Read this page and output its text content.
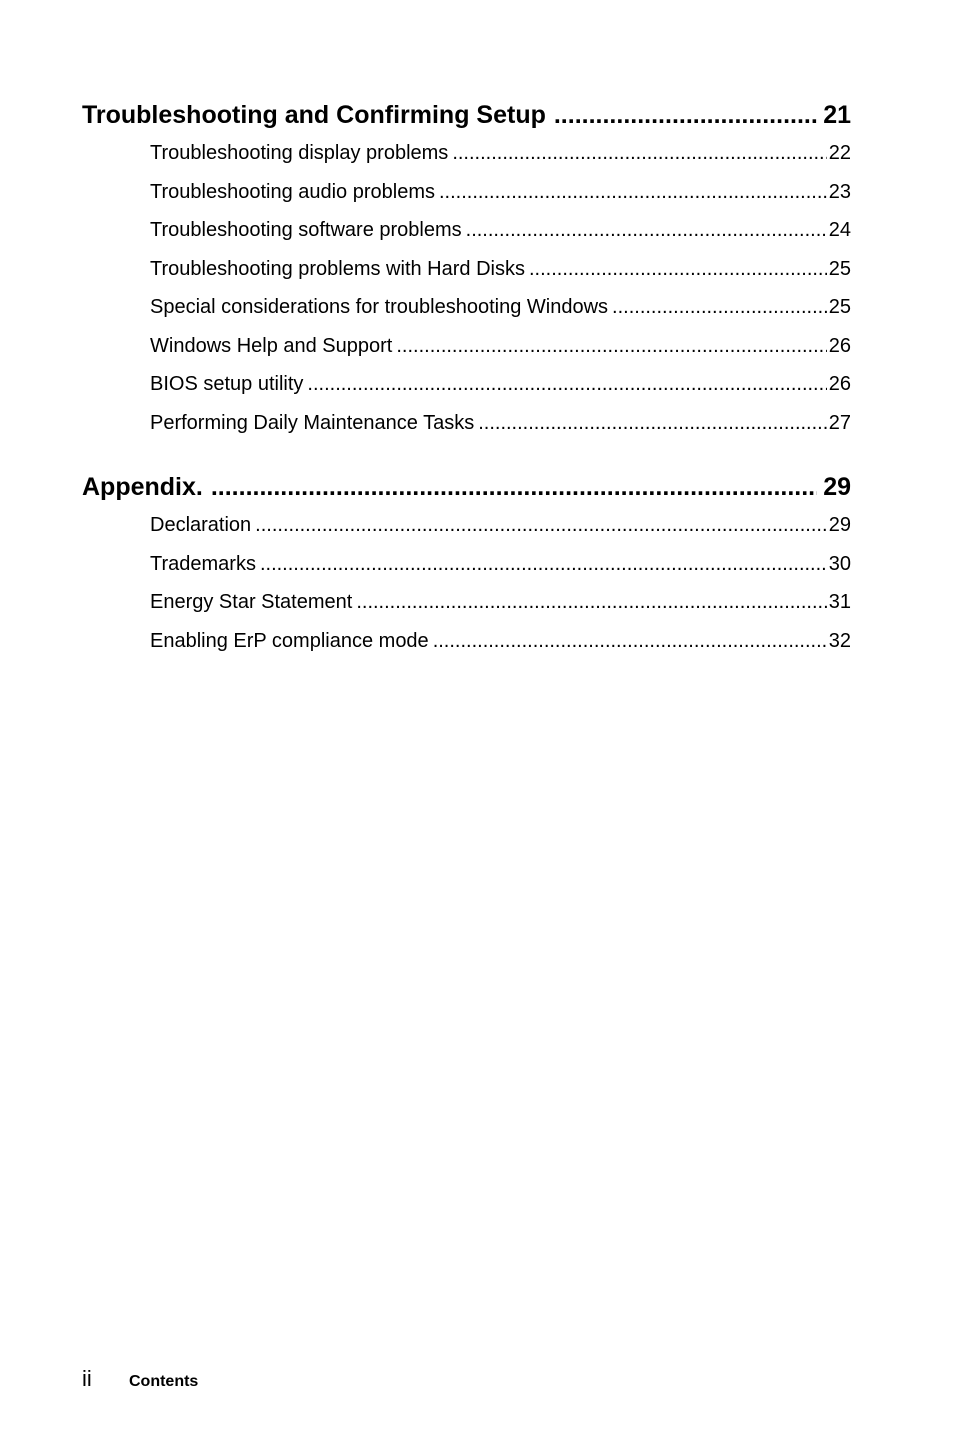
Troubleshooting and Confirming Setup .....	21
Troubleshooting display problems .....	22
Troubleshooting audio problems .....	23
Troubleshooting software problems .....	24
Troubleshooting problems with Hard Disks .....	25
Special considerations for troubleshooting Windows .....	25
Windows Help and Support .....	26
BIOS setup utility .....	26
Performing Daily Maintenance Tasks .....	27
Appendix. .....	29
Declaration .....	29
Trademarks .....	30
Energy Star Statement .....	31
Enabling ErP compliance mode .....	32
ii	Contents
